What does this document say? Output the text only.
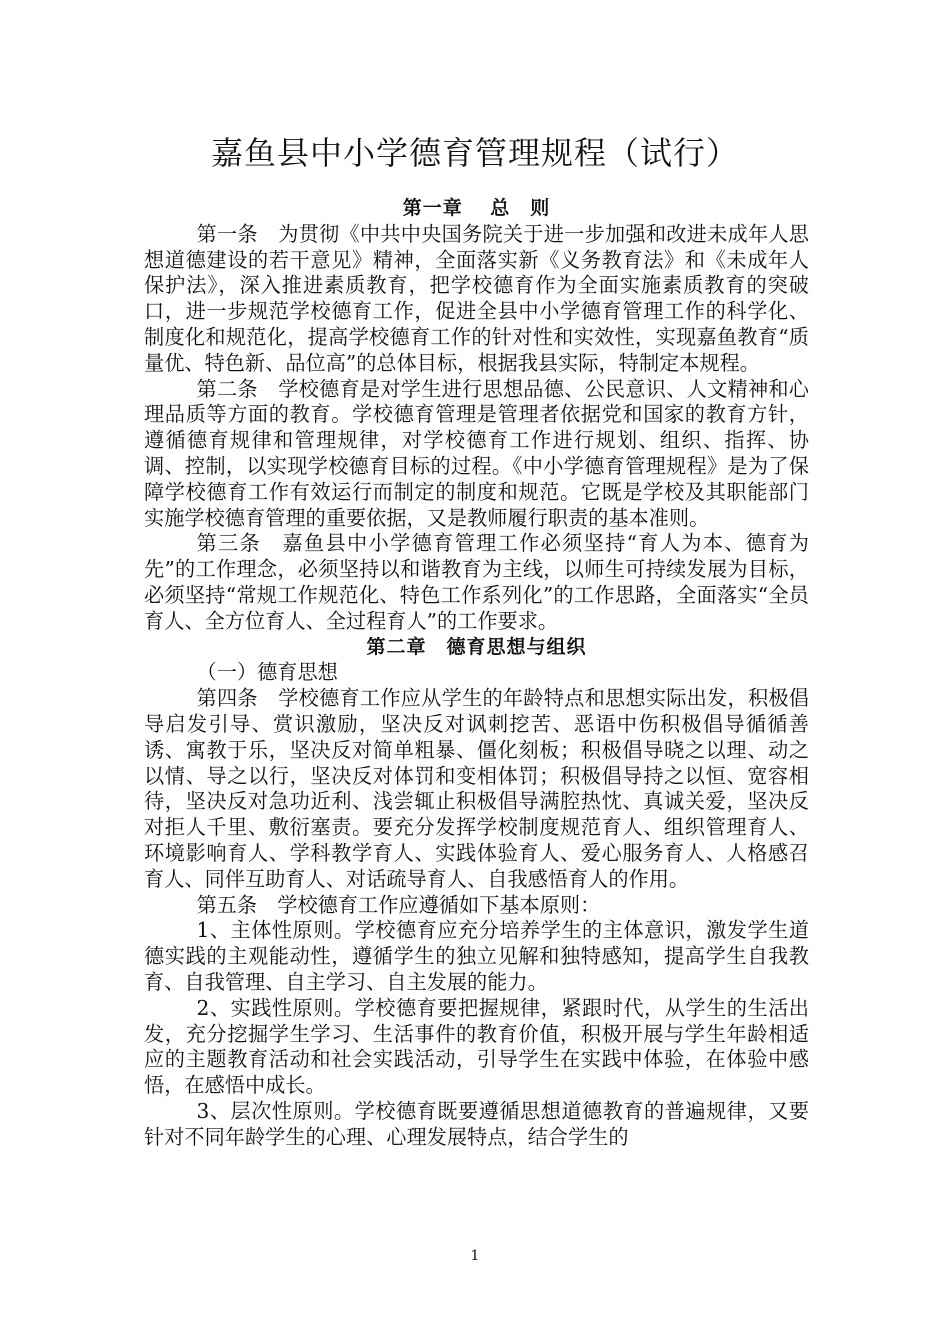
嘉鱼县中小学德育管理规程（试行）

第一章　 总　则

第一条　为贯彻《中共中央国务院关于进一步加强和改进未成年人思想道德建设的若干意见》精神，全面落实新《义务教育法》和《未成年人保护法》，深入推进素质教育，把学校德育作为全面实施素质教育的突破口，进一步规范学校德育工作，促进全县中小学德育管理工作的科学化、制度化和规范化，提高学校德育工作的针对性和实效性，实现嘉鱼教育“质量优、特色新、品位高”的总体目标，根据我县实际，特制定本规程。

第二条　学校德育是对学生进行思想品德、公民意识、人文精神和心理品质等方面的教育。学校德育管理是管理者依据党和国家的教育方针，遵循德育规律和管理规律，对学校德育工作进行规划、组织、指挥、协调、控制，以实现学校德育目标的过程。《中小学德育管理规程》是为了保障学校德育工作有效运行而制定的制度和规范。它既是学校及其职能部门实施学校德育管理的重要依据，又是教师履行职责的基本准则。

第三条　嘉鱼县中小学德育管理工作必须坚持“育人为本、德育为先”的工作理念，必须坚持以和谐教育为主线，以师生可持续发展为目标，必须坚持“常规工作规范化、特色工作系列化”的工作思路，全面落实“全员育人、全方位育人、全过程育人”的工作要求。

第二章　德育思想与组织

（一）德育思想

第四条　学校德育工作应从学生的年龄特点和思想实际出发，积极倡导启发引导、赏识激励，坚决反对讽刺挖苦、恶语中伤积极倡导循循善诱、寓教于乐，坚决反对简单粗暴、僵化刻板；积极倡导晓之以理、动之以情、导之以行，坚决反对体罚和变相体罚；积极倡导持之以恒、宽容相待，坚决反对急功近利、浅尝辄止积极倡导满腔热忱、真诚关爱，坚决反对拒人千里、敷衍塞责。要充分发挥学校制度规范育人、组织管理育人、环境影响育人、学科教学育人、实践体验育人、爱心服务育人、人格感召育人、同伴互助育人、对话疏导育人、自我感悟育人的作用。

第五条　学校德育工作应遵循如下基本原则：

1、主体性原则。学校德育应充分培养学生的主体意识，激发学生道德实践的主观能动性，遵循学生的独立见解和独特感知，提高学生自我教育、自我管理、自主学习、自主发展的能力。

2、实践性原则。学校德育要把握规律，紧跟时代，从学生的生活出发，充分挖掘学生学习、生活事件的教育价值，积极开展与学生年龄相适应的主题教育活动和社会实践活动，引导学生在实践中体验，在体验中感悟，在感悟中成长。

3、层次性原则。学校德育既要遵循思想道德教育的普遍规律，又要针对不同年龄学生的心理、心理发展特点，结合学生的

1
